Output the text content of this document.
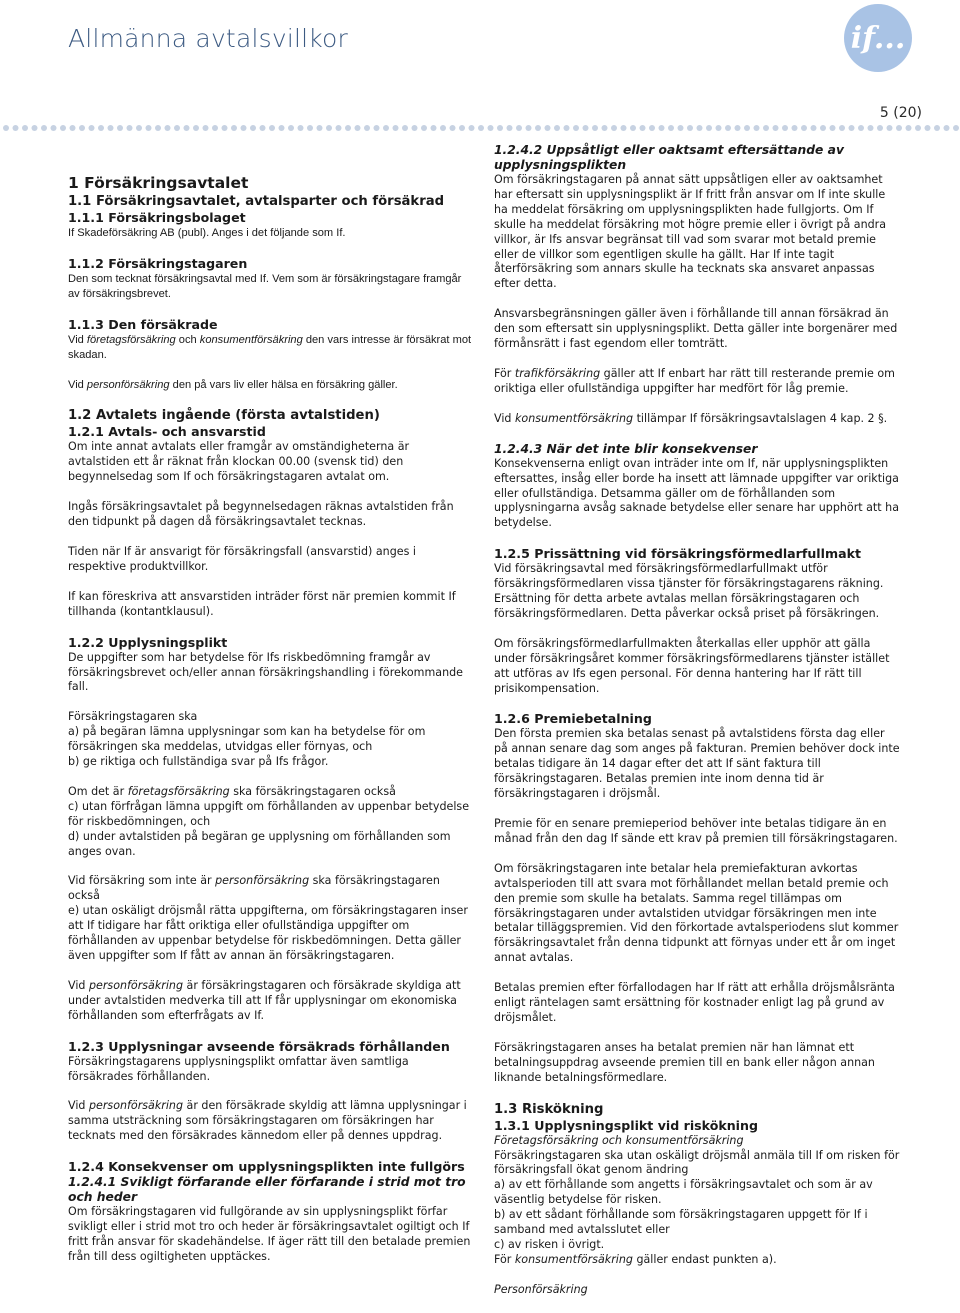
Allmänna avtalsvillkor	if...
5 (20)
1 Försäkringsavtalet
1.1 Försäkringsavtalet, avtalsparter och försäkrad
1.1.1 Försäkringsbolaget

If Skadeförsäkring AB (publ). Anges i det följande som If.

1.1.2 Försäkringstagaren

Den som tecknat försäkringsavtal med If. Vem som är försäkringstagare framgår av försäkringsbrevet.

1.1.3 Den försäkrade

Vid företagsförsäkring och konsumentförsäkring den vars intresse är försäkrat mot skadan.

Vid personförsäkring den på vars liv eller hälsa en försäkring gäller.

1.2 Avtalets ingående (första avtalstiden)
1.2.1 Avtals- och ansvarstid

Om inte annat avtalats eller framgår av omständigheterna är avtalstiden ett år räknat från klockan 00.00 (svensk tid) den begynnelsedag som If och försäkringstagaren avtalat om.

Ingås försäkringsavtalet på begynnelsedagen räknas avtalstiden från den tidpunkt på dagen då försäkringsavtalet tecknas.

Tiden när If är ansvarigt för försäkringsfall (ansvarstid) anges i respektive produktvillkor.

If kan föreskriva att ansvarstiden inträder först när premien kommit If tillhanda (kontantklausul).

1.2.2 Upplysningsplikt

De uppgifter som har betydelse för Ifs riskbedömning framgår av försäkringsbrevet och/eller annan försäkringshandling i förekommande fall.

Försäkringstagaren ska
a) på begäran lämna upplysningar som kan ha betydelse för om försäkringen ska meddelas, utvidgas eller förnyas, och
b) ge riktiga och fullständiga svar på Ifs frågor.

Om det är företagsförsäkring ska försäkringstagaren också
c) utan förfrågan lämna uppgift om förhållanden av uppenbar betydelse för riskbedömningen, och
d) under avtalstiden på begäran ge upplysning om förhållanden som anges ovan.

Vid försäkring som inte är personförsäkring ska försäkringstagaren också
e) utan oskäligt dröjsmål rätta uppgifterna, om försäkringstagaren inser att If tidigare har fått oriktiga eller ofullständiga uppgifter om förhållanden av uppenbar betydelse för riskbedömningen. Detta gäller även uppgifter som If fått av annan än försäkringstagaren.

Vid personförsäkring är försäkringstagaren och försäkrade skyldiga att under avtalstiden medverka till att If får upplysningar om ekonomiska förhållanden som efterfrågats av If.

1.2.3 Upplysningar avseende försäkrads förhållanden

Försäkringstagarens upplysningsplikt omfattar även samtliga försäkrades förhållanden.

Vid personförsäkring är den försäkrade skyldig att lämna upplysningar i samma utsträckning som försäkringstagaren om försäkringen har tecknats med den försäkrades kännedom eller på dennes uppdrag.

1.2.4 Konsekvenser om upplysningsplikten inte fullgörs
1.2.4.1 Svikligt förfarande eller förfarande i strid mot tro och heder

Om försäkringstagaren vid fullgörande av sin upplysningsplikt förfar svikligt eller i strid mot tro och heder är försäkringsavtalet ogiltigt och If fritt från ansvar för skadehändelse. If äger rätt till den betalade premien från till dess ogiltigheten upptäckes.

1.2.4.2 Uppsåtligt eller oaktsamt eftersättande av upplysningsplikten

Om försäkringstagaren på annat sätt uppsåtligen eller av oaktsamhet har eftersatt sin upplysningsplikt är If fritt från ansvar om If inte skulle ha meddelat försäkring om upplysningsplikten hade fullgjorts. Om If skulle ha meddelat försäkring mot högre premie eller i övrigt på andra villkor, är Ifs ansvar begränsat till vad som svarar mot betald premie eller de villkor som egentligen skulle ha gällt. Har If inte tagit återförsäkring som annars skulle ha tecknats ska ansvaret anpassas efter detta.

Ansvarsbegränsningen gäller även i förhållande till annan försäkrad än den som eftersatt sin upplysningsplikt. Detta gäller inte borgenärer med förmånsrätt i fast egendom eller tomträtt.

För trafikförsäkring gäller att If enbart har rätt till resterande premie om oriktiga eller ofullständiga uppgifter har medfört för låg premie.

Vid konsumentförsäkring tillämpar If försäkringsavtalslagen 4 kap. 2 §.

1.2.4.3 När det inte blir konsekvenser

Konsekvenserna enligt ovan inträder inte om If, när upplysningsplikten eftersattes, insåg eller borde ha insett att lämnade uppgifter var oriktiga eller ofullständiga. Detsamma gäller om de förhållanden som upplysningarna avsåg saknade betydelse eller senare har upphört att ha betydelse.

1.2.5 Prissättning vid försäkringsförmedlarfullmakt

Vid försäkringsavtal med försäkringsförmedlarfullmakt utför försäkringsförmedlaren vissa tjänster för försäkringstagarens räkning. Ersättning för detta arbete avtalas mellan försäkringstagaren och försäkringsförmedlaren. Detta påverkar också priset på försäkringen.

Om försäkringsförmedlarfullmakten återkallas eller upphör att gälla under försäkringsåret kommer försäkringsförmedlarens tjänster istället att utföras av Ifs egen personal. För denna hantering har If rätt till prisikompensation.

1.2.6 Premiebetalning

Den första premien ska betalas senast på avtalstidens första dag eller på annan senare dag som anges på fakturan. Premien behöver dock inte betalas tidigare än 14 dagar efter det att If sänt faktura till försäkringstagaren. Betalas premien inte inom denna tid är försäkringstagaren i dröjsmål.

Premie för en senare premieperiod behöver inte betalas tidigare än en månad från den dag If sände ett krav på premien till försäkringstagaren.

Om försäkringstagaren inte betalar hela premiefakturan avkortas avtalsperioden till att svara mot förhållandet mellan betald premie och den premie som skulle ha betalats. Samma regel tillämpas om försäkringstagaren under avtalstiden utvidgar försäkringen men inte betalar tilläggspremien. Vid den förkortade avtalsperiodens slut kommer försäkringsavtalet från denna tidpunkt att förnyas under ett år om inget annat avtalas.

Betalas premien efter förfallodagen har If rätt att erhålla dröjsmålsränta enligt räntelagen samt ersättning för kostnader enligt lag på grund av dröjsmålet.

Försäkringstagaren anses ha betalat premien när han lämnat ett betalningsuppdrag avseende premien till en bank eller någon annan liknande betalningsförmedlare.

1.3 Riskökning
1.3.1 Upplysningsplikt vid riskökning

Företagsförsäkring och konsumentförsäkring

Försäkringstagaren ska utan oskäligt dröjsmål anmäla till If om risken för försäkringsfall ökat genom ändring
a) av ett förhållande som angetts i försäkringsavtalet och som är av väsentlig betydelse för risken.
b) av ett sådant förhållande som försäkringstagaren uppgett för If i samband med avtalsslutet eller
c) av risken i övrigt.
För konsumentförsäkring gäller endast punkten a).

Personförsäkring
